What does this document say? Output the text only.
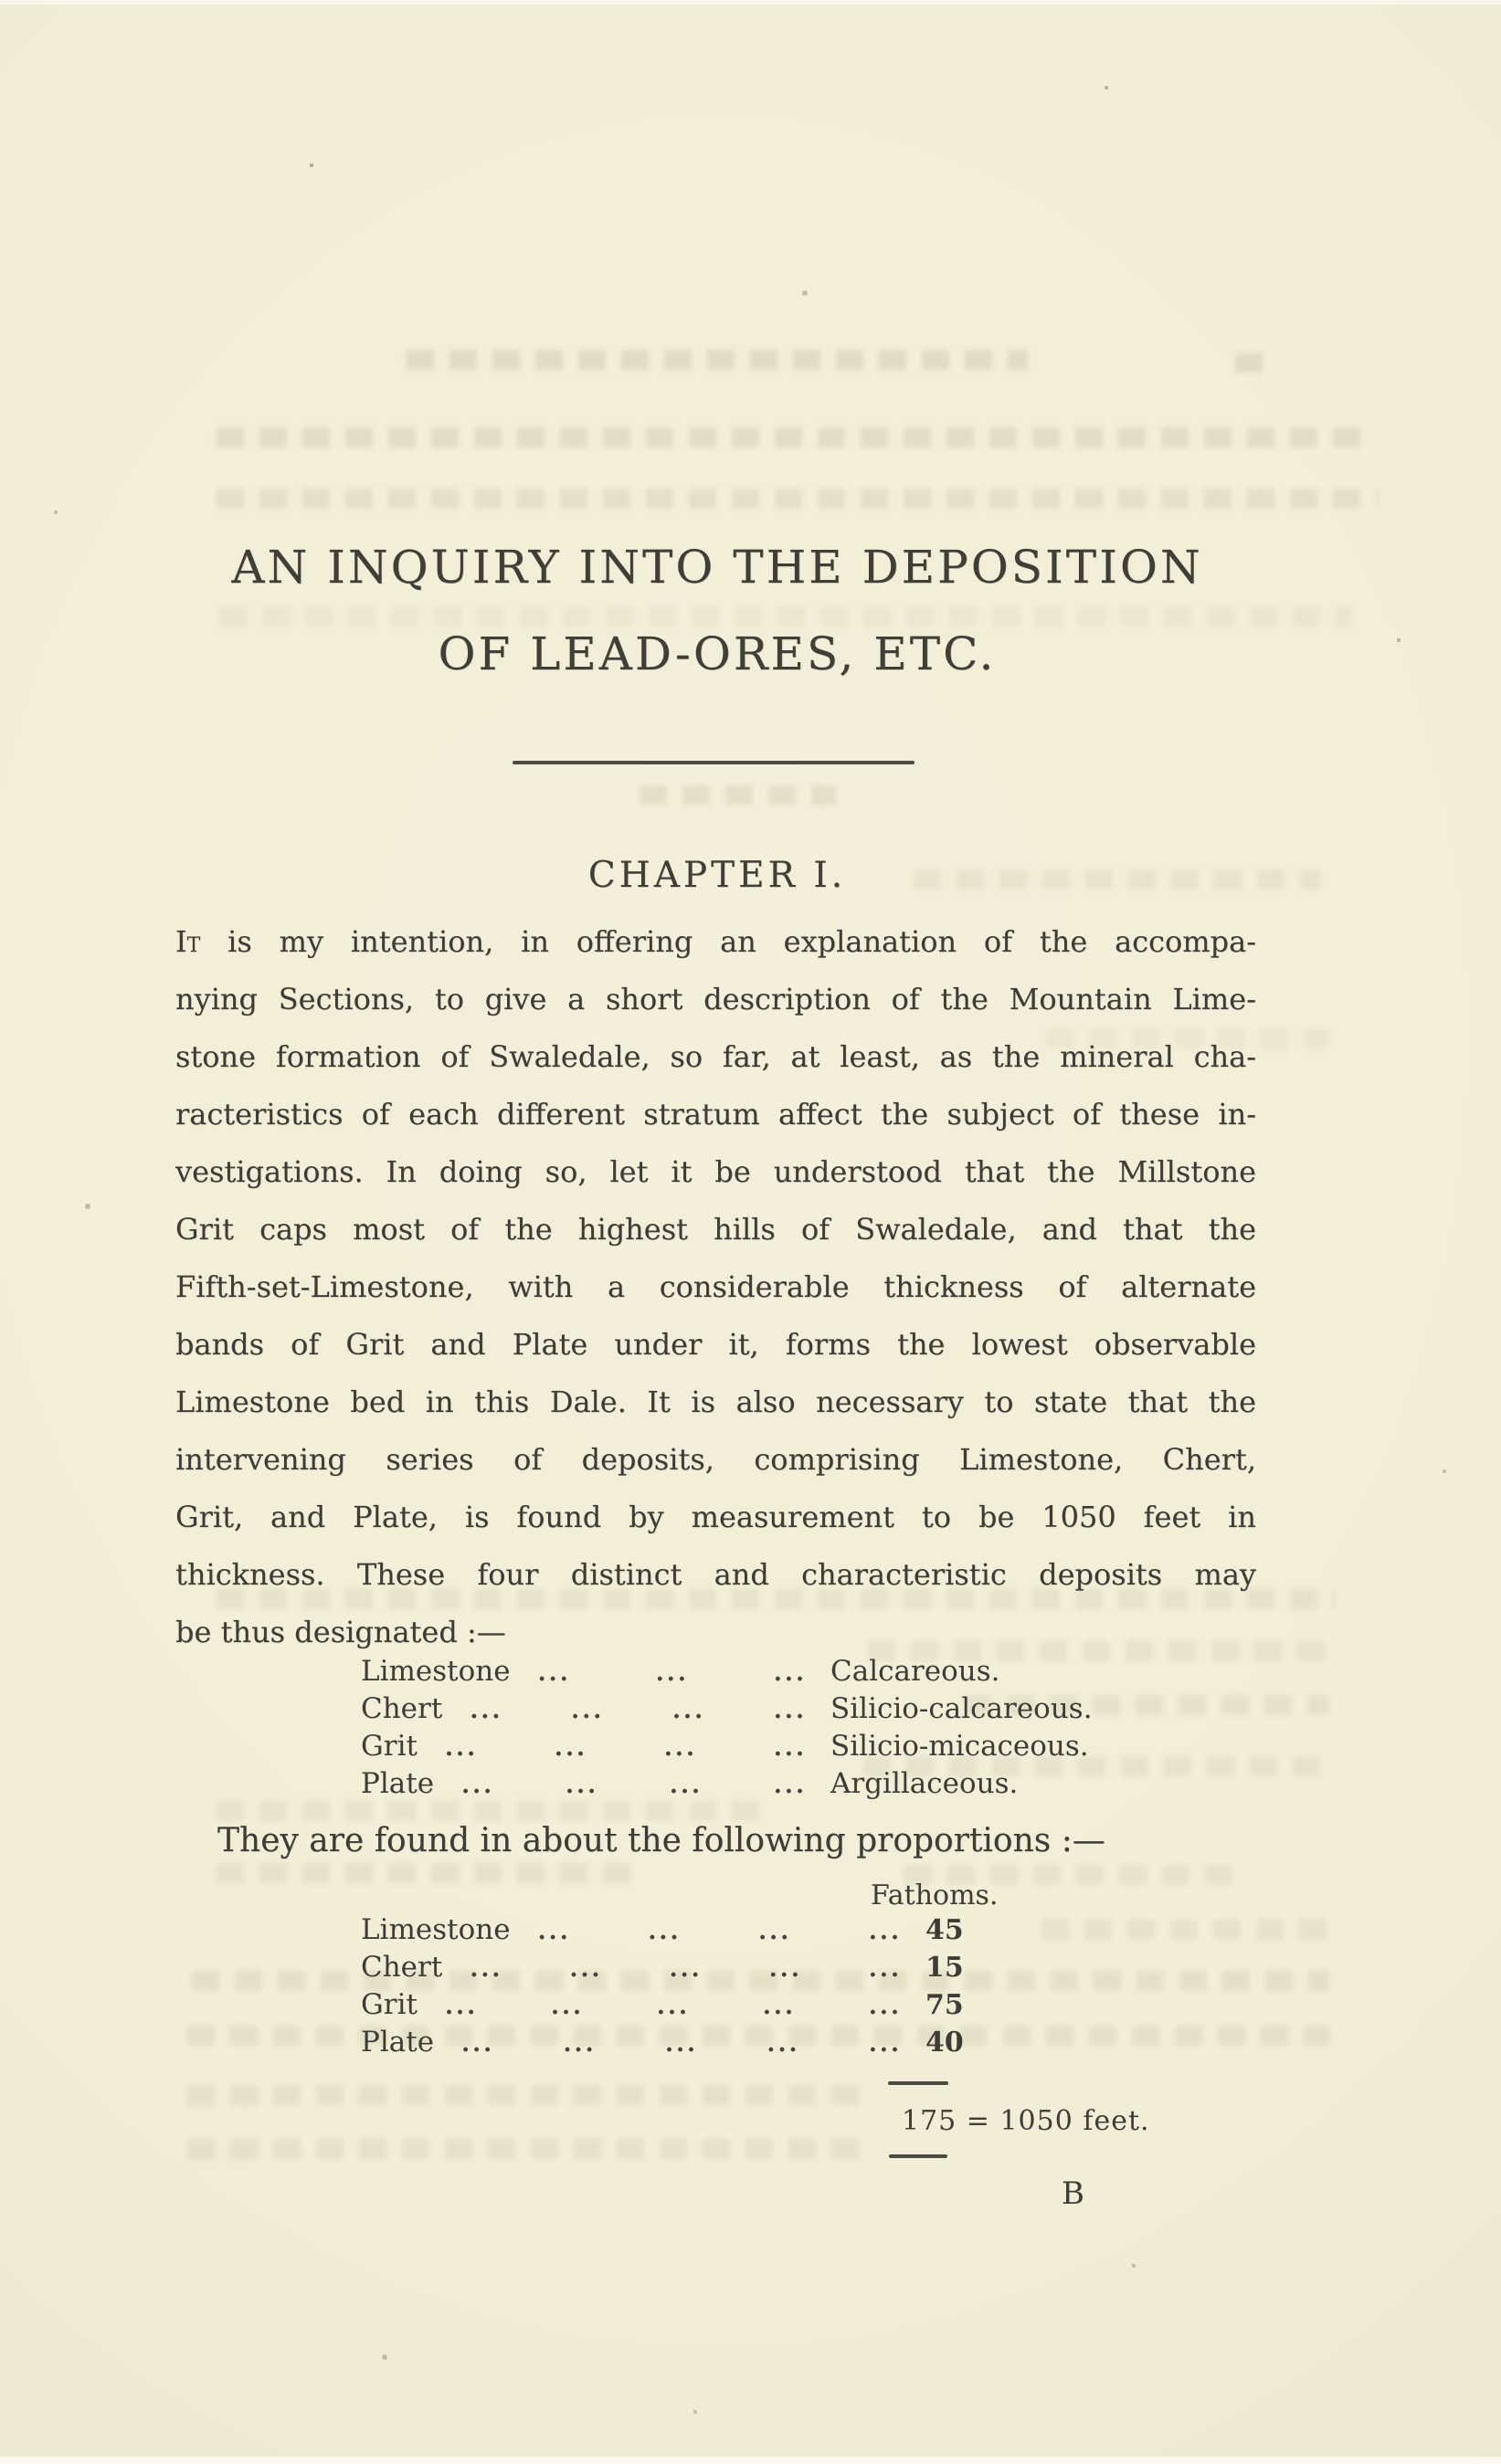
AN INQUIRY INTO THE DEPOSITION
OF LEAD-ORES, ETC.
CHAPTER I.
It is my intention, in offering an explanation of the accompa-
nying Sections, to give a short description of the Mountain Lime-
stone formation of Swaledale, so far, at least, as the mineral cha-
racteristics of each different stratum affect the subject of these in-
vestigations. In doing so, let it be understood that the Millstone
Grit caps most of the highest hills of Swaledale, and that the
Fifth-set-Limestone, with a considerable thickness of alternate
bands of Grit and Plate under it, forms the lowest observable
Limestone bed in this Dale. It is also necessary to state that the
intervening series of deposits, comprising Limestone, Chert,
Grit, and Plate, is found by measurement to be 1050 feet in
thickness. These four distinct and characteristic deposits may
be thus designated :—
Limestone ... ... ... Calcareous.
Chert ... ... ... ... Silicio-calcareous.
Grit ... ... ... ... Silicio-micaceous.
Plate ... ... ... ... Argillaceous.
They are found in about the following proportions :—
Fathoms.
Limestone ... ... ... ... 45
Chert ... ... ... ... ... 15
Grit ... ... ... ... ... 75
Plate ... ... ... ... ... 40
175 = 1050 feet.
B
